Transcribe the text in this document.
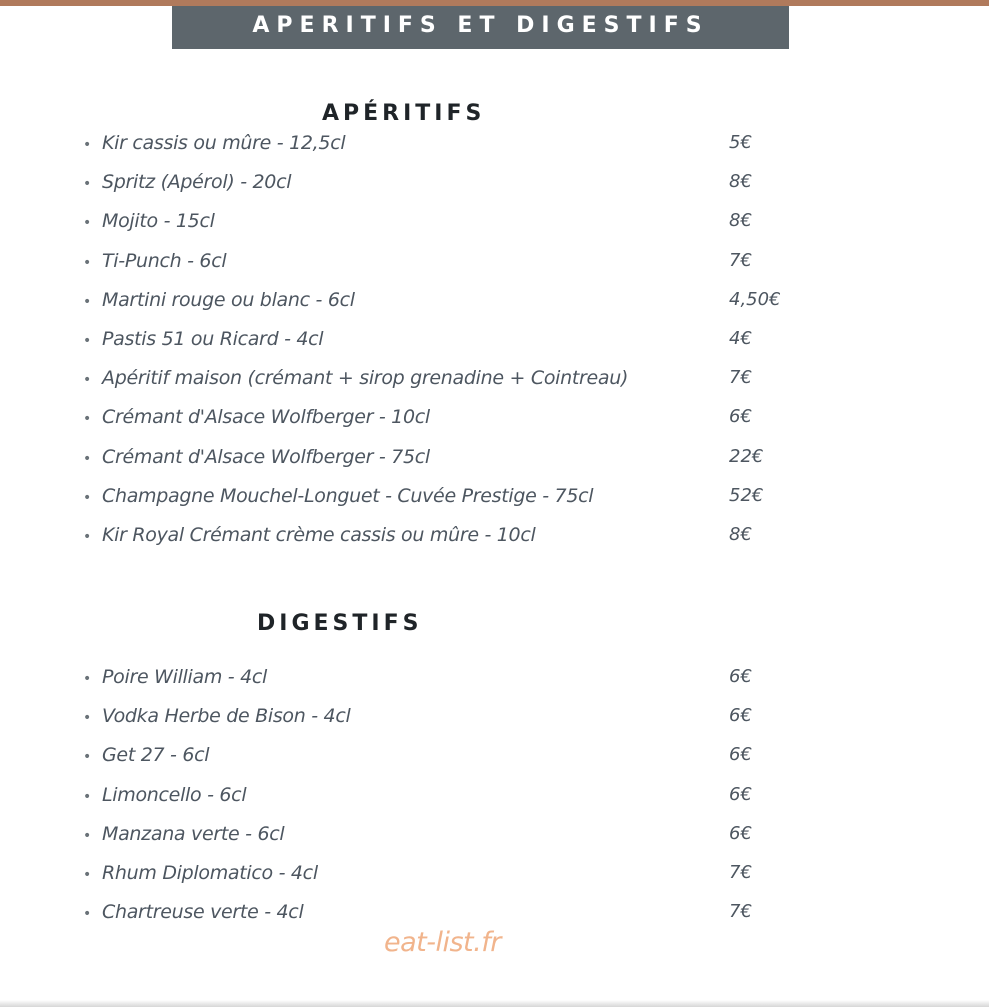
APERITIFS ET DIGESTIFS
APÉRITIFS
• Kir cassis ou mûre - 12,5cl	5€
• Spritz (Apérol) - 20cl	8€
• Mojito - 15cl	8€
• Ti-Punch - 6cl	7€
• Martini rouge ou blanc - 6cl	4,50€
• Pastis 51 ou Ricard - 4cl	4€
• Apéritif maison (crémant + sirop grenadine + Cointreau)	7€
• Crémant d'Alsace Wolfberger - 10cl	6€
• Crémant d'Alsace Wolfberger - 75cl	22€
• Champagne Mouchel-Longuet - Cuvée Prestige - 75cl	52€
• Kir Royal Crémant crème cassis ou mûre - 10cl	8€
DIGESTIFS
• Poire William - 4cl	6€
• Vodka Herbe de Bison - 4cl	6€
• Get 27 - 6cl	6€
• Limoncello - 6cl	6€
• Manzana verte - 6cl	6€
• Rhum Diplomatico - 4cl	7€
• Chartreuse verte - 4cl	7€
eat-list.fr
